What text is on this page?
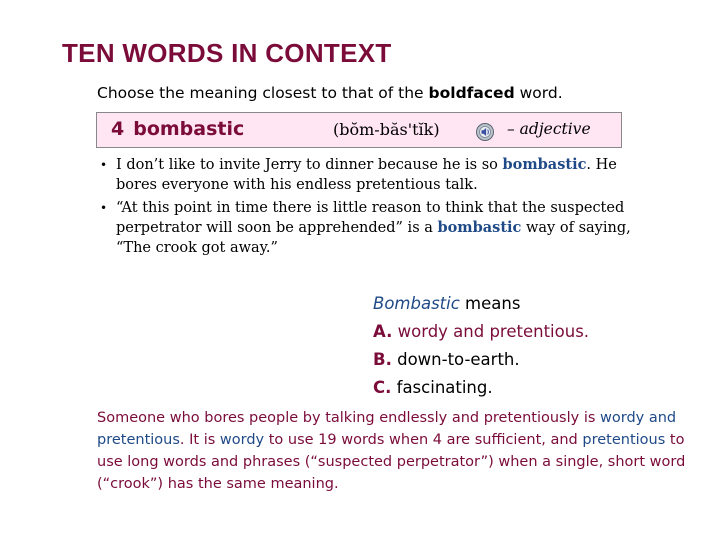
TEN WORDS IN CONTEXT
Choose the meaning closest to that of the boldfaced word.
4 bombastic	(bŏm-băs'tĭk)	– adjective
• I don’t like to invite Jerry to dinner because he is so bombastic. He bores everyone with his endless pretentious talk.
• “At this point in time there is little reason to think that the suspected perpetrator will soon be apprehended” is a bombastic way of saying, “The crook got away.”
Bombastic means
A. wordy and pretentious.
B. down-to-earth.
C. fascinating.
Someone who bores people by talking endlessly and pretentiously is wordy and pretentious. It is wordy to use 19 words when 4 are sufficient, and pretentious to use long words and phrases (“suspected perpetrator”) when a single, short word (“crook”) has the same meaning.
